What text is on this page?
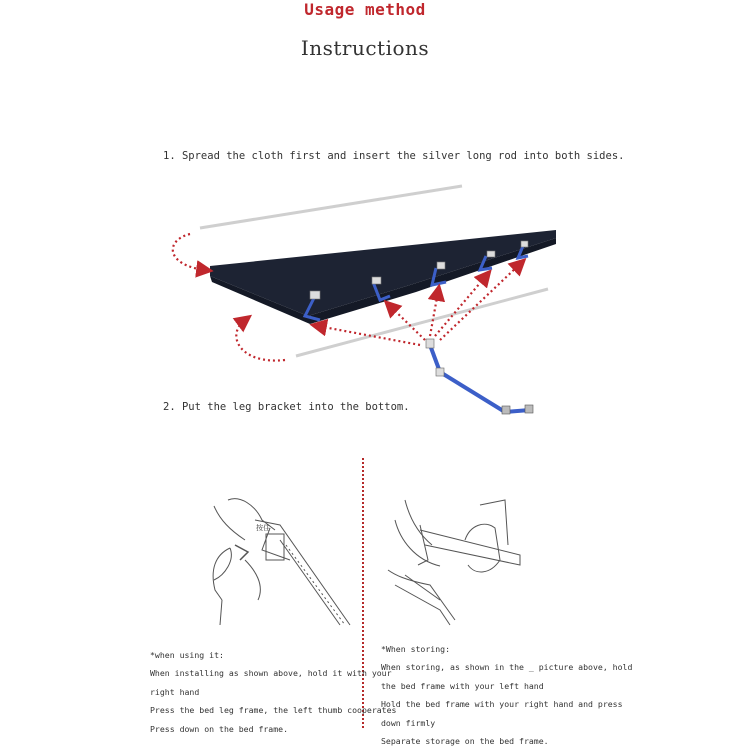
Usage method
Instructions
1. Spread the cloth first and insert the silver long rod into both sides.
按住
2. Put the leg bracket into the bottom.
*when using it:
When installing as shown above, hold it with your
right hand
Press the bed leg frame, the left thumb cooperates
Press down on the bed frame.
*When storing:
When storing, as shown in the _ picture above, hold
the bed frame with your left hand
Hold the bed frame with your right hand and press
down firmly
Separate storage on the bed frame.
